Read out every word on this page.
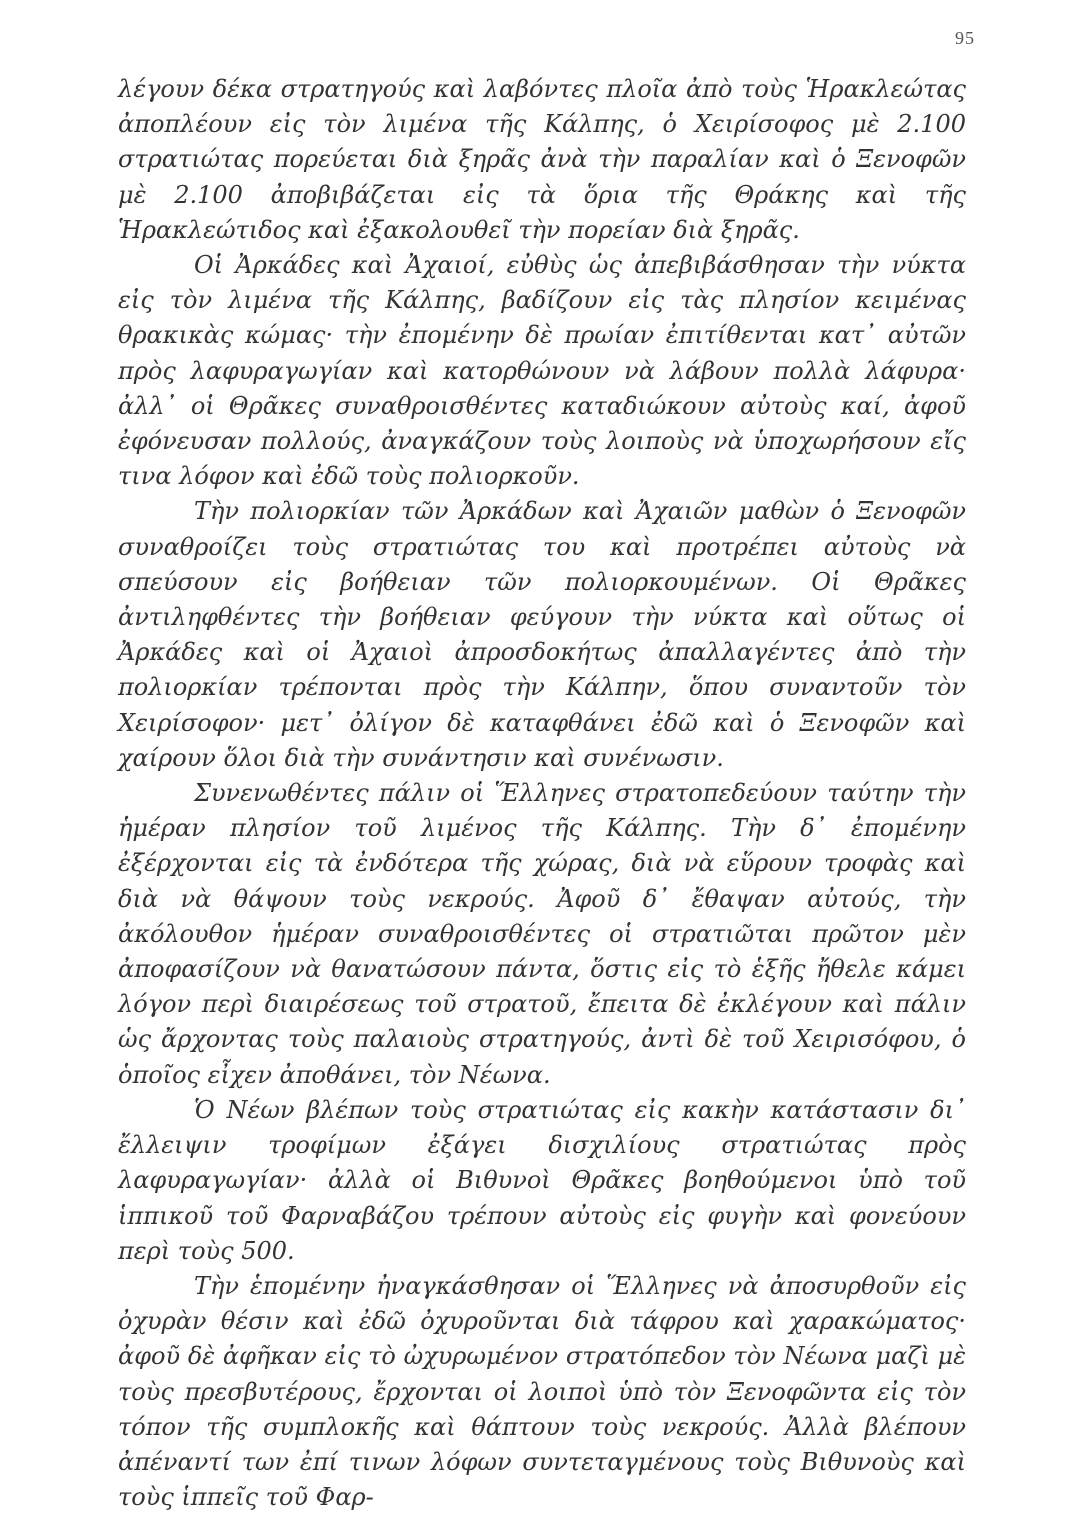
95

λέγουν δέκα στρατηγούς καὶ λαβόντες πλοῖα ἀπὸ τοὺς Ἡρακλεώτας ἀποπλέουν εἰς τὸν λιμένα τῆς Κάλπης, ὁ Χειρίσοφος μὲ 2.100 στρατιώτας πορεύεται διὰ ξηρᾶς ἀνὰ τὴν παραλίαν καὶ ὁ Ξενοφῶν μὲ 2.100 ἀποβιβάζεται εἰς τὰ ὅρια τῆς Θράκης καὶ τῆς Ἡρακλεώτιδος καὶ ἐξακολουθεῖ τὴν πορείαν διὰ ξηρᾶς.

Οἱ Ἀρκάδες καὶ Ἀχαιοί, εὐθὺς ὡς ἀπεβιβάσθησαν τὴν νύκτα εἰς τὸν λιμένα τῆς Κάλπης, βαδίζουν εἰς τὰς πλησίον κειμένας θρακικὰς κώμας· τὴν ἐπομένην δὲ πρωίαν ἐπιτίθενται κατ᾽ αὐτῶν πρὸς λαφυραγωγίαν καὶ κατορθώνουν νὰ λάβουν πολλὰ λάφυρα· ἀλλ᾽ οἱ Θρᾶκες συναθροισθέντες καταδιώκουν αὐτοὺς καί, ἀφοῦ ἐφόνευσαν πολλούς, ἀναγκάζουν τοὺς λοιποὺς νὰ ὑποχωρήσουν εἴς τινα λόφον καὶ ἐδῶ τοὺς πολιορκοῦν.

Τὴν πολιορκίαν τῶν Ἀρκάδων καὶ Ἀχαιῶν μαθὼν ὁ Ξενοφῶν συναθροίζει τοὺς στρατιώτας του καὶ προτρέπει αὐτοὺς νὰ σπεύσουν εἰς βοήθειαν τῶν πολιορκουμένων. Οἱ Θρᾶκες ἀντιληφθέντες τὴν βοήθειαν φεύγουν τὴν νύκτα καὶ οὕτως οἱ Ἀρκάδες καὶ οἱ Ἀχαιοὶ ἀπροσδοκήτως ἀπαλλαγέντες ἀπὸ τὴν πολιορκίαν τρέπονται πρὸς τὴν Κάλπην, ὅπου συναντοῦν τὸν Χειρίσοφον· μετ᾽ ὀλίγον δὲ καταφθάνει ἐδῶ καὶ ὁ Ξενοφῶν καὶ χαίρουν ὅλοι διὰ τὴν συνάντησιν καὶ συνένωσιν.

Συνενωθέντες πάλιν οἱ Ἕλληνες στρατοπεδεύουν ταύτην τὴν ἡμέραν πλησίον τοῦ λιμένος τῆς Κάλπης. Τὴν δ᾽ ἐπομένην ἐξέρχονται εἰς τὰ ἐνδότερα τῆς χώρας, διὰ νὰ εὕρουν τροφὰς καὶ διὰ νὰ θάψουν τοὺς νεκρούς. Ἀφοῦ δ᾽ ἔθαψαν αὐτούς, τὴν ἀκόλουθον ἡμέραν συναθροισθέντες οἱ στρατιῶται πρῶτον μὲν ἀποφασίζουν νὰ θανατώσουν πάντα, ὅστις εἰς τὸ ἑξῆς ἤθελε κάμει λόγον περὶ διαιρέσεως τοῦ στρατοῦ, ἔπειτα δὲ ἐκλέγουν καὶ πάλιν ὡς ἄρχοντας τοὺς παλαιοὺς στρατηγούς, ἀντὶ δὲ τοῦ Χειρισόφου, ὁ ὁποῖος εἶχεν ἀποθάνει, τὸν Νέωνα.

Ὁ Νέων βλέπων τοὺς στρατιώτας εἰς κακὴν κατάστασιν δι᾽ ἔλλειψιν τροφίμων ἐξάγει δισχιλίους στρατιώτας πρὸς λαφυραγωγίαν· ἀλλὰ οἱ Βιθυνοὶ Θρᾶκες βοηθούμενοι ὑπὸ τοῦ ἱππικοῦ τοῦ Φαρναβάζου τρέπουν αὐτοὺς εἰς φυγὴν καὶ φονεύουν περὶ τοὺς 500.

Τὴν ἑπομένην ἠναγκάσθησαν οἱ Ἕλληνες νὰ ἀποσυρθοῦν εἰς ὀχυρὰν θέσιν καὶ ἐδῶ ὀχυροῦνται διὰ τάφρου καὶ χαρακώματος· ἀφοῦ δὲ ἀφῆκαν εἰς τὸ ὠχυρωμένον στρατόπεδον τὸν Νέωνα μαζὶ μὲ τοὺς πρεσβυτέρους, ἔρχονται οἱ λοιποὶ ὑπὸ τὸν Ξενοφῶντα εἰς τὸν τόπον τῆς συμπλοκῆς καὶ θάπτουν τοὺς νεκρούς. Ἀλλὰ βλέπουν ἀπέναντί των ἐπί τινων λόφων συντεταγμένους τοὺς Βιθυνοὺς καὶ τοὺς ἱππεῖς τοῦ Φαρ-
